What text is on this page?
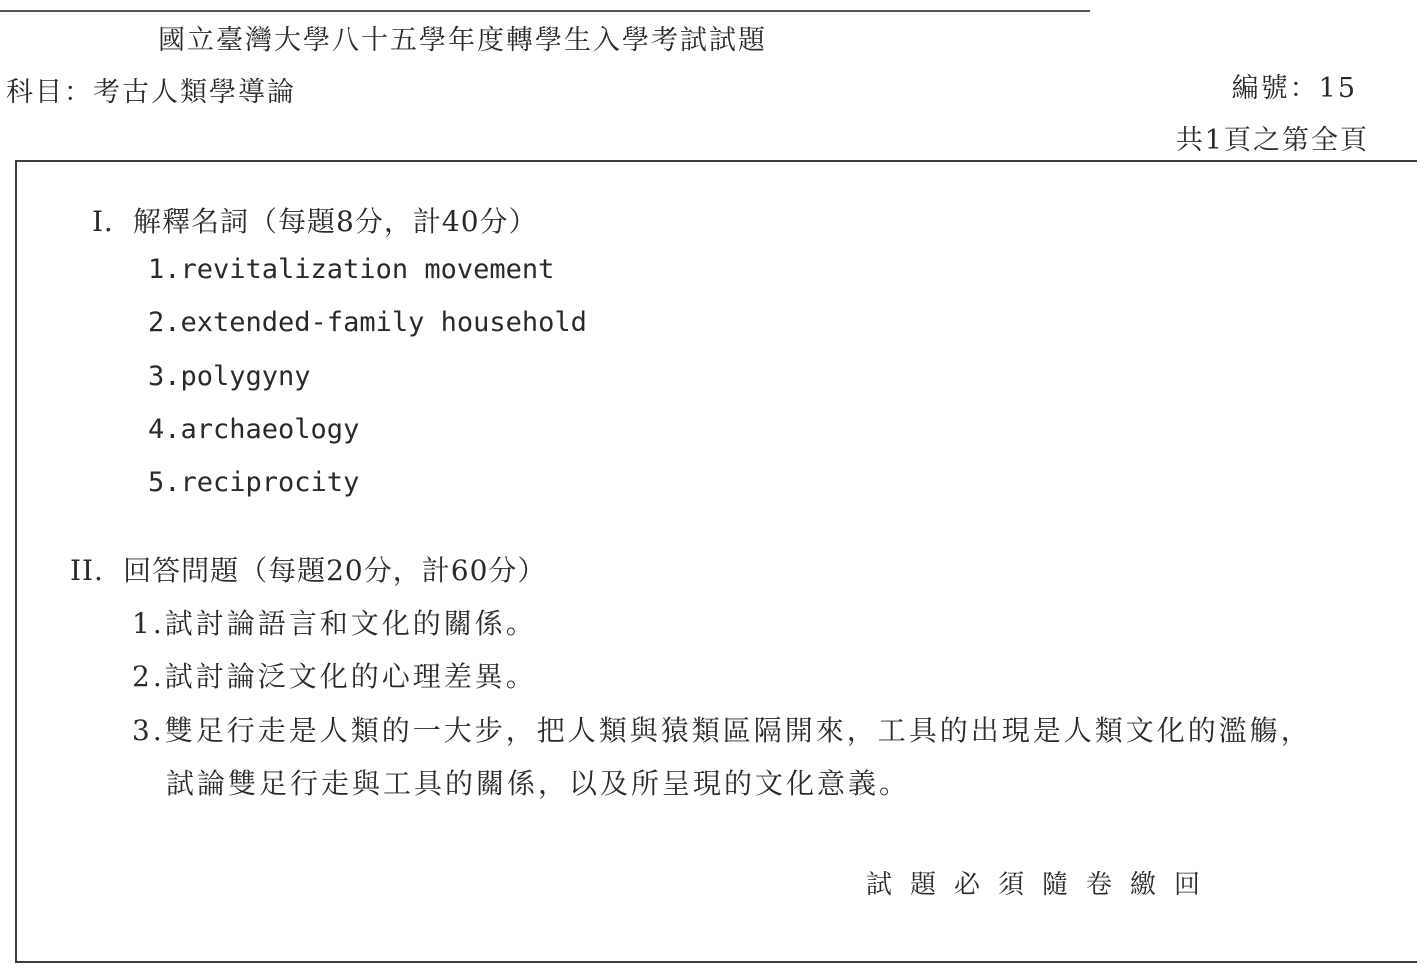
國立臺灣大學八十五學年度轉學生入學考試試題
科目：考古人類學導論	編號：15
共1頁之第全頁
I．解釋名詞（每題8分，計40分）
1.revitalization movement
2.extended-family household
3.polygyny
4.archaeology
5.reciprocity
II．回答問題（每題20分，計60分）
1.試討論語言和文化的關係。
2.試討論泛文化的心理差異。
3.雙足行走是人類的一大步，把人類與猿類區隔開來，工具的出現是人類文化的濫觴，
試論雙足行走與工具的關係，以及所呈現的文化意義。
試題必須隨卷繳回
